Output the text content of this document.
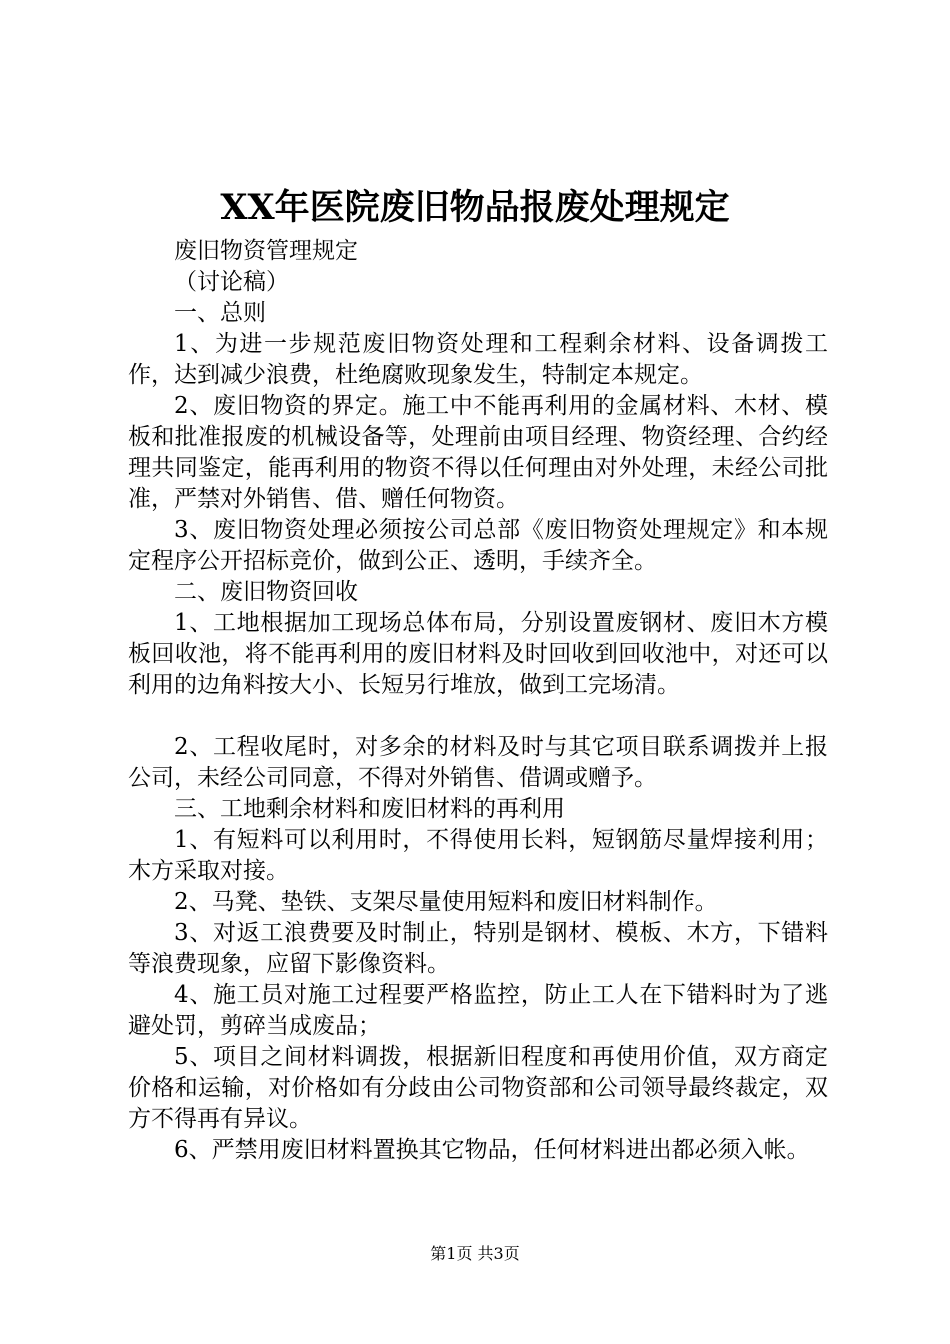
XX年医院废旧物品报废处理规定

废旧物资管理规定

（讨论稿）

一、总则

1、为进一步规范废旧物资处理和工程剩余材料、设备调拨工作，达到减少浪费，杜绝腐败现象发生，特制定本规定。

2、废旧物资的界定。施工中不能再利用的金属材料、木材、模板和批准报废的机械设备等，处理前由项目经理、物资经理、合约经理共同鉴定，能再利用的物资不得以任何理由对外处理，未经公司批准，严禁对外销售、借、赠任何物资。

3、废旧物资处理必须按公司总部《废旧物资处理规定》和本规定程序公开招标竞价，做到公正、透明，手续齐全。

二、废旧物资回收

1、工地根据加工现场总体布局，分别设置废钢材、废旧木方模板回收池，将不能再利用的废旧材料及时回收到回收池中，对还可以利用的边角料按大小、长短另行堆放，做到工完场清。

2、工程收尾时，对多余的材料及时与其它项目联系调拨并上报公司，未经公司同意，不得对外销售、借调或赠予。

三、工地剩余材料和废旧材料的再利用

1、有短料可以利用时，不得使用长料，短钢筋尽量焊接利用；木方采取对接。

2、马凳、垫铁、支架尽量使用短料和废旧材料制作。

3、对返工浪费要及时制止，特别是钢材、模板、木方，下错料等浪费现象，应留下影像资料。

4、施工员对施工过程要严格监控，防止工人在下错料时为了逃避处罚，剪碎当成废品；

5、项目之间材料调拨，根据新旧程度和再使用价值，双方商定价格和运输，对价格如有分歧由公司物资部和公司领导最终裁定，双方不得再有异议。

6、严禁用废旧材料置换其它物品，任何材料进出都必须入帐。

第1页 共3页
